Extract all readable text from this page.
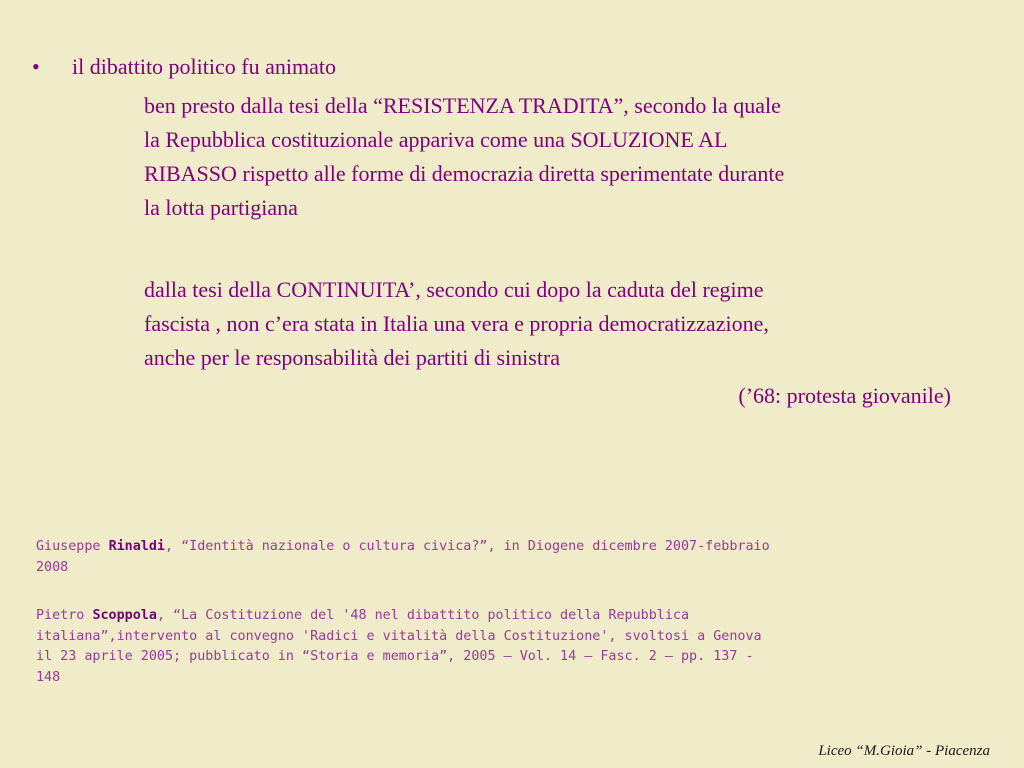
• il dibattito politico fu animato
ben presto dalla tesi della “RESISTENZA TRADITA”, secondo la quale
la Repubblica costituzionale appariva come una SOLUZIONE AL
RIBASSO rispetto alle forme di democrazia diretta sperimentate durante
la lotta partigiana
dalla tesi della CONTINUITA’, secondo cui dopo la caduta del regime
fascista , non c’era stata in Italia una vera e propria democratizzazione,
anche per le responsabilità dei partiti di sinistra
(’68: protesta giovanile)
Giuseppe Rinaldi, “Identità nazionale o cultura civica?”, in Diogene dicembre 2007-febbraio
2008
Pietro Scoppola, “La Costituzione del '48 nel dibattito politico della Repubblica
italiana”,intervento al convegno 'Radici e vitalità della Costituzione', svoltosi a Genova
il 23 aprile 2005; pubblicato in “Storia e memoria”, 2005 – Vol. 14 – Fasc. 2 – pp. 137 -
148
Liceo “M.Gioia” - Piacenza
